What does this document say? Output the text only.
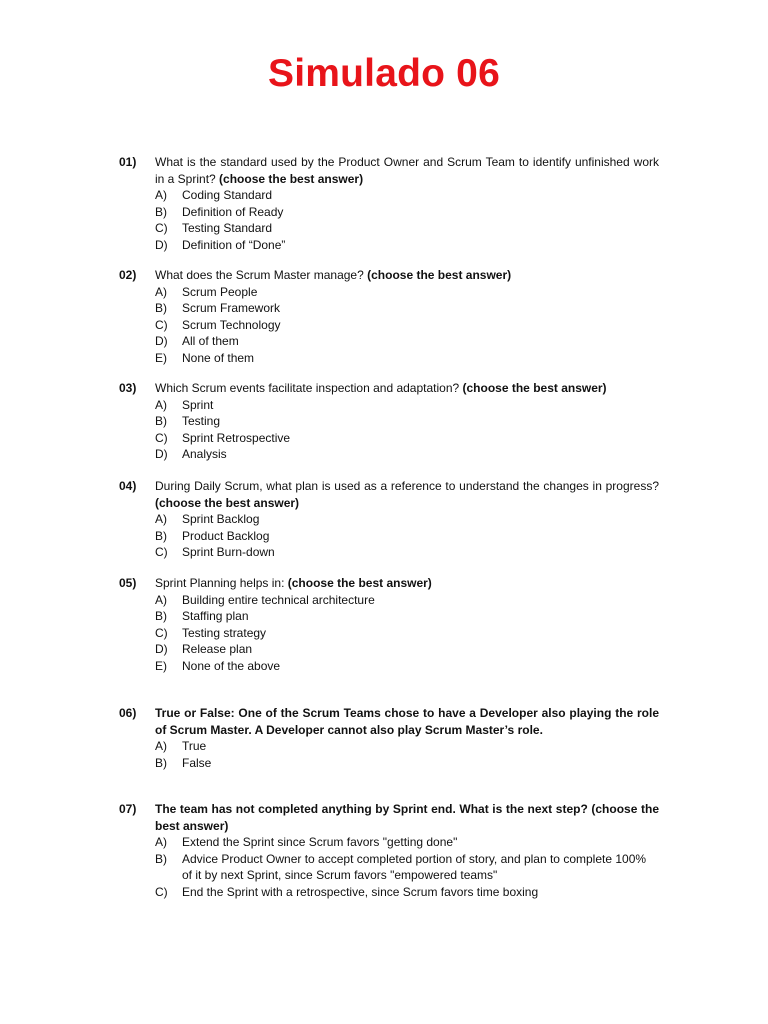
Simulado 06
01) What is the standard used by the Product Owner and Scrum Team to identify unfinished work in a Sprint? (choose the best answer)
A) Coding Standard
B) Definition of Ready
C) Testing Standard
D) Definition of “Done”
02) What does the Scrum Master manage? (choose the best answer)
A) Scrum People
B) Scrum Framework
C) Scrum Technology
D) All of them
E) None of them
03) Which Scrum events facilitate inspection and adaptation? (choose the best answer)
A) Sprint
B) Testing
C) Sprint Retrospective
D) Analysis
04) During Daily Scrum, what plan is used as a reference to understand the changes in progress? (choose the best answer)
A) Sprint Backlog
B) Product Backlog
C) Sprint Burn-down
05) Sprint Planning helps in: (choose the best answer)
A) Building entire technical architecture
B) Staffing plan
C) Testing strategy
D) Release plan
E) None of the above
06) True or False: One of the Scrum Teams chose to have a Developer also playing the role of Scrum Master. A Developer cannot also play Scrum Master’s role.
A) True
B) False
07) The team has not completed anything by Sprint end. What is the next step? (choose the best answer)
A) Extend the Sprint since Scrum favors "getting done"
B) Advice Product Owner to accept completed portion of story, and plan to complete 100% of it by next Sprint, since Scrum favors "empowered teams"
C) End the Sprint with a retrospective, since Scrum favors time boxing
